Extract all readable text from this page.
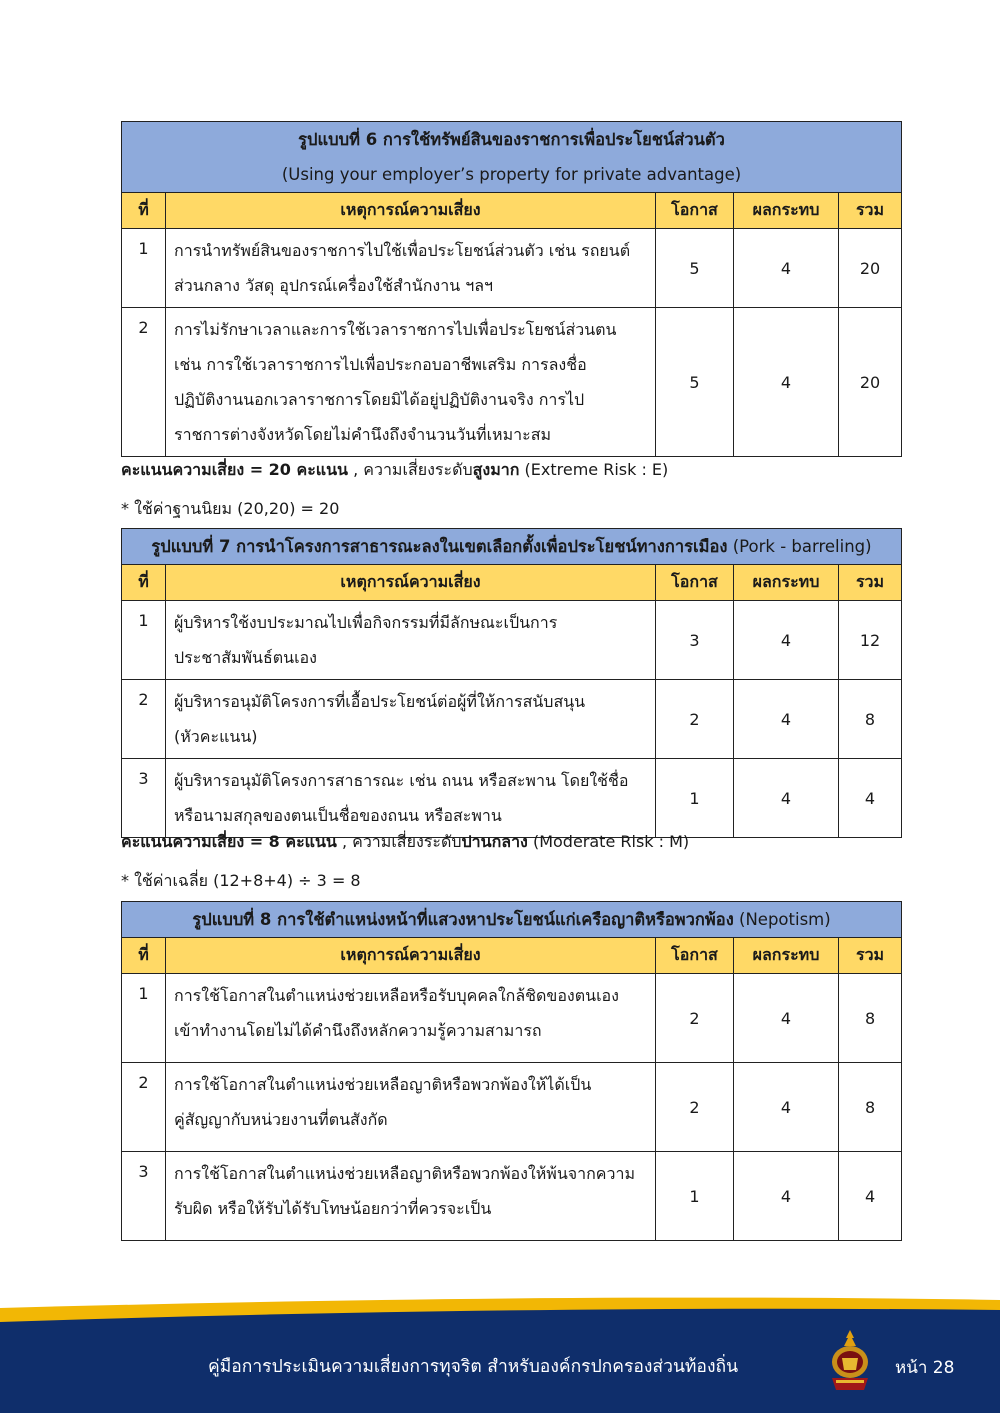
รูปแบบที่ 6 การใช้ทรัพย์สินของราชการเพื่อประโยชน์ส่วนตัว
(Using your employer’s property for private advantage)				

ที่	เหตุการณ์ความเสี่ยง	โอกาส	ผลกระทบ	รวม
1	การนำทรัพย์สินของราชการไปใช้เพื่อประโยชน์ส่วนตัว เช่น รถยนต์
ส่วนกลาง วัสดุ อุปกรณ์เครื่องใช้สำนักงาน ฯลฯ	5	4	20
2	การไม่รักษาเวลาและการใช้เวลาราชการไปเพื่อประโยชน์ส่วนตน
เช่น การใช้เวลาราชการไปเพื่อประกอบอาชีพเสริม การลงชื่อ
ปฏิบัติงานนอกเวลาราชการโดยมิได้อยู่ปฏิบัติงานจริง การไป
ราชการต่างจังหวัดโดยไม่คำนึงถึงจำนวนวันที่เหมาะสม	5	4	20
คะแนนความเสี่ยง = 20 คะแนน , ความเสี่ยงระดับสูงมาก (Extreme Risk : E)
* ใช้ค่าฐานนิยม (20,20) = 20
รูปแบบที่ 7 การนำโครงการสาธารณะลงในเขตเลือกตั้งเพื่อประโยชน์ทางการเมือง (Pork - barreling)				
ที่	เหตุการณ์ความเสี่ยง	โอกาส	ผลกระทบ	รวม
1	ผู้บริหารใช้งบประมาณไปเพื่อกิจกรรมที่มีลักษณะเป็นการ
ประชาสัมพันธ์ตนเอง	3	4	12
2	ผู้บริหารอนุมัติโครงการที่เอื้อประโยชน์ต่อผู้ที่ให้การสนับสนุน
(หัวคะแนน)	2	4	8
3	ผู้บริหารอนุมัติโครงการสาธารณะ เช่น ถนน หรือสะพาน โดยใช้ชื่อ
หรือนามสกุลของตนเป็นชื่อของถนน หรือสะพาน	1	4	4
คะแนนความเสี่ยง = 8 คะแนน , ความเสี่ยงระดับปานกลาง (Moderate Risk : M)
* ใช้ค่าเฉลี่ย (12+8+4) ÷ 3 = 8
รูปแบบที่ 8 การใช้ตำแหน่งหน้าที่แสวงหาประโยชน์แก่เครือญาติหรือพวกพ้อง (Nepotism)				
ที่	เหตุการณ์ความเสี่ยง	โอกาส	ผลกระทบ	รวม
1	การใช้โอกาสในตำแหน่งช่วยเหลือหรือรับบุคคลใกล้ชิดของตนเอง
เข้าทำงานโดยไม่ได้คำนึงถึงหลักความรู้ความสามารถ	2	4	8
2	การใช้โอกาสในตำแหน่งช่วยเหลือญาติหรือพวกพ้องให้ได้เป็น
คู่สัญญากับหน่วยงานที่ตนสังกัด	2	4	8
3	การใช้โอกาสในตำแหน่งช่วยเหลือญาติหรือพวกพ้องให้พ้นจากความ
รับผิด หรือให้รับได้รับโทษน้อยกว่าที่ควรจะเป็น	1	4	4
คู่มือการประเมินความเสี่ยงการทุจริต สำหรับองค์กรปกครองส่วนท้องถิ่น	หน้า 28
